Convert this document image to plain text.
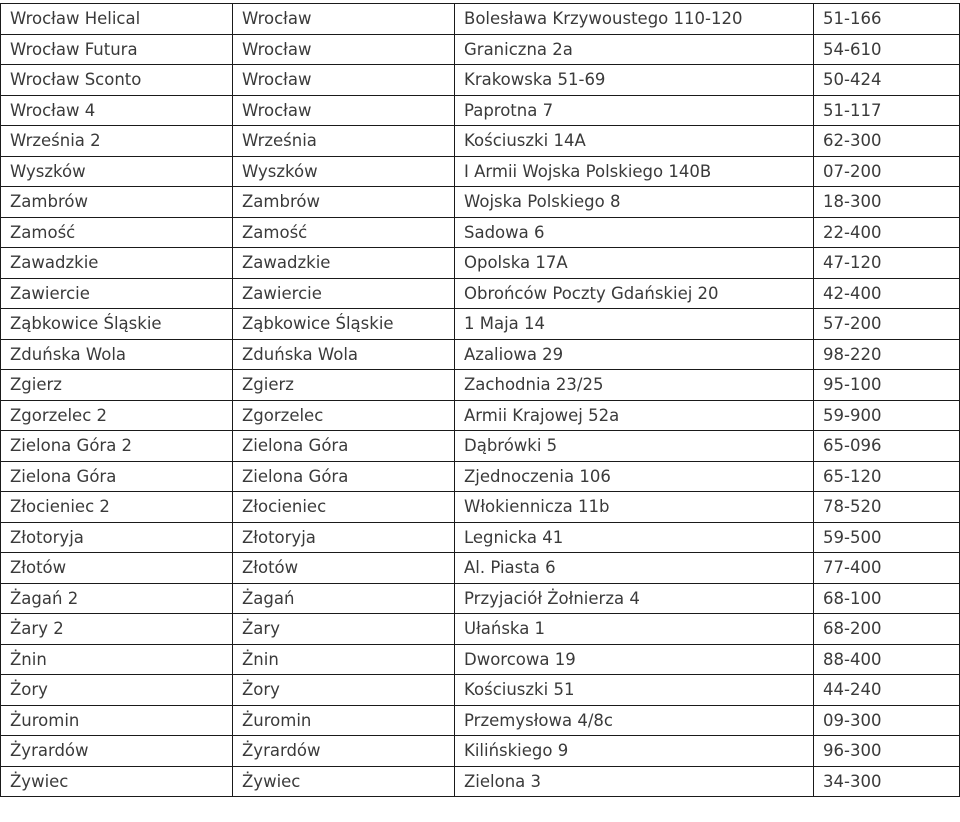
Wrocław Helical	Wrocław	Bolesława Krzywoustego 110-120	51-166
Wrocław Futura	Wrocław	Graniczna 2a	54-610
Wrocław Sconto	Wrocław	Krakowska 51-69	50-424
Wrocław 4	Wrocław	Paprotna 7	51-117
Września 2	Września	Kościuszki 14A	62-300
Wyszków	Wyszków	I Armii Wojska Polskiego 140B	07-200
Zambrów	Zambrów	Wojska Polskiego 8	18-300
Zamość	Zamość	Sadowa 6	22-400
Zawadzkie	Zawadzkie	Opolska 17A	47-120
Zawiercie	Zawiercie	Obrońców Poczty Gdańskiej 20	42-400
Ząbkowice Śląskie	Ząbkowice Śląskie	1 Maja 14	57-200
Zduńska Wola	Zduńska Wola	Azaliowa 29	98-220
Zgierz	Zgierz	Zachodnia 23/25	95-100
Zgorzelec 2	Zgorzelec	Armii Krajowej 52a	59-900
Zielona Góra 2	Zielona Góra	Dąbrówki 5	65-096
Zielona Góra	Zielona Góra	Zjednoczenia 106	65-120
Złocieniec 2	Złocieniec	Włokiennicza 11b	78-520
Złotoryja	Złotoryja	Legnicka 41	59-500
Złotów	Złotów	Al. Piasta 6	77-400
Żagań 2	Żagań	Przyjaciół Żołnierza 4	68-100
Żary 2	Żary	Ułańska 1	68-200
Żnin	Żnin	Dworcowa 19	88-400
Żory	Żory	Kościuszki 51	44-240
Żuromin	Żuromin	Przemysłowa 4/8c	09-300
Żyrardów	Żyrardów	Kilińskiego 9	96-300
Żywiec	Żywiec	Zielona 3	34-300
